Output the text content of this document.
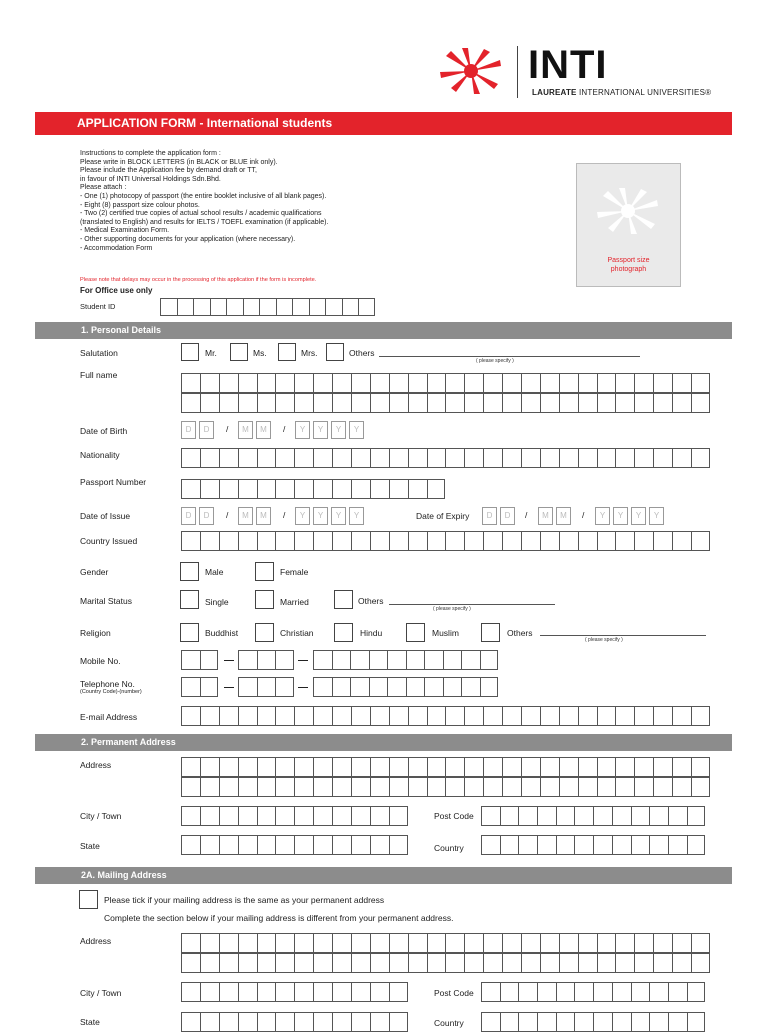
INTI
LAUREATE INTERNATIONAL UNIVERSITIES®
APPLICATION FORM - International students
Instructions to complete the application form :
Please write in BLOCK LETTERS (in BLACK or BLUE ink only).
Please include the Application fee by demand draft or TT,
in favour of INTI Universal Holdings Sdn.Bhd.
Please attach :
- One (1) photocopy of passport (the entire booklet inclusive of all blank pages).
- Eight (8) passport size colour photos.
- Two (2) certified true copies of actual school results / academic qualifications
(translated to English) and results for IELTS / TOEFL examination (if applicable).
- Medical Examination Form.
- Other supporting documents for your application (where necessary).
- Accommodation Form
Please note that delays may occur in the processing of this application if the form is incomplete.
Passport size
photograph
For Office use only
Student ID
1. Personal Details
Salutation	Mr.	Ms.	Mrs.	Others
( please specify )
Full name
Date of Birth	D	D	/	M	M	/	Y	Y	Y	Y
Nationality
Passport Number
Date of Issue	D	D	/	M	M	/	Y	Y	Y	Y	Date of Expiry	D	D	/	M	M	/	Y	Y	Y	Y
Country Issued
Gender	Male	Female
Marital Status	Single	Married	Others
( please specify )
Religion	Buddhist	Christian	Hindu	Muslim	Others
( please specify )
Mobile No.
Telephone No.
(Country Code)-(number)
E-mail Address
2. Permanent Address
Address
City / Town	Post Code
State	Country
2A. Mailing Address
Please tick if your mailing address is the same as your permanent address
Complete the section below if your mailing address is different from your permanent address.
Address
City / Town	Post Code
State	Country
